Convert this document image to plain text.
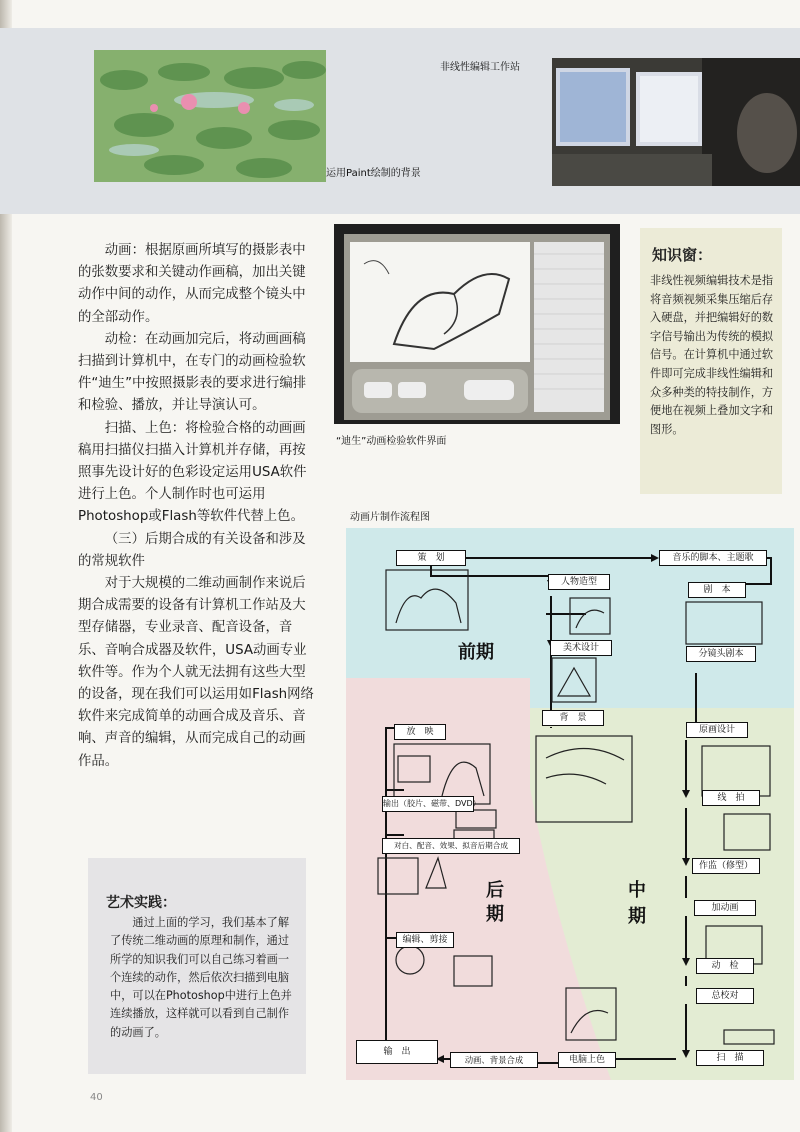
运用Paint绘制的背景
非线性编辑工作站
“迪生”动画检验软件界面

动画：根据原画所填写的摄影表中的张数要求和关键动作画稿，加出关键动作中间的动作，从而完成整个镜头中的全部动作。

动检：在动画加完后，将动画画稿扫描到计算机中，在专门的动画检验软件“迪生”中按照摄影表的要求进行编排和检验、播放，并让导演认可。

扫描、上色：将检验合格的动画画稿用扫描仪扫描入计算机并存储，再按照事先设计好的色彩设定运用USA软件进行上色。个人制作时也可运用Photoshop或Flash等软件代替上色。

（三）后期合成的有关设备和涉及的常规软件

对于大规模的二维动画制作来说后期合成需要的设备有计算机工作站及大型存储器，专业录音、配音设备，音乐、音响合成器及软件，USA动画专业软件等。作为个人就无法拥有这些大型的设备，现在我们可以运用如Flash网络软件来完成简单的动画合成及音乐、音响、声音的编辑，从而完成自己的动画作品。

知识窗：
非线性视频编辑技术是指将音频视频采集压缩后存入硬盘，并把编辑好的数字信号输出为传统的模拟信号。在计算机中通过软件即可完成非线性编辑和众多种类的特技制作，方便地在视频上叠加文字和图形。
动画片制作流程图
前期
后
期
中
期
策　划	音乐的脚本、主题歌
人物造型
剧　本
美术设计
分镜头剧本
背　景
原画设计
放　映
输出（胶片、磁带、DVD）
线　拍
对白、配音、效果、拟音后期合成
作监（修型）
加动画
编辑、剪接
动　检
总校对
输　出
动画、背景合成	电脑上色	扫　描
艺术实践：
通过上面的学习，我们基本了解了传统二维动画的原理和制作，通过所学的知识我们可以自己练习着画一个连续的动作，然后依次扫描到电脑中，可以在Photoshop中进行上色并连续播放，这样就可以看到自己制作的动画了。
40
